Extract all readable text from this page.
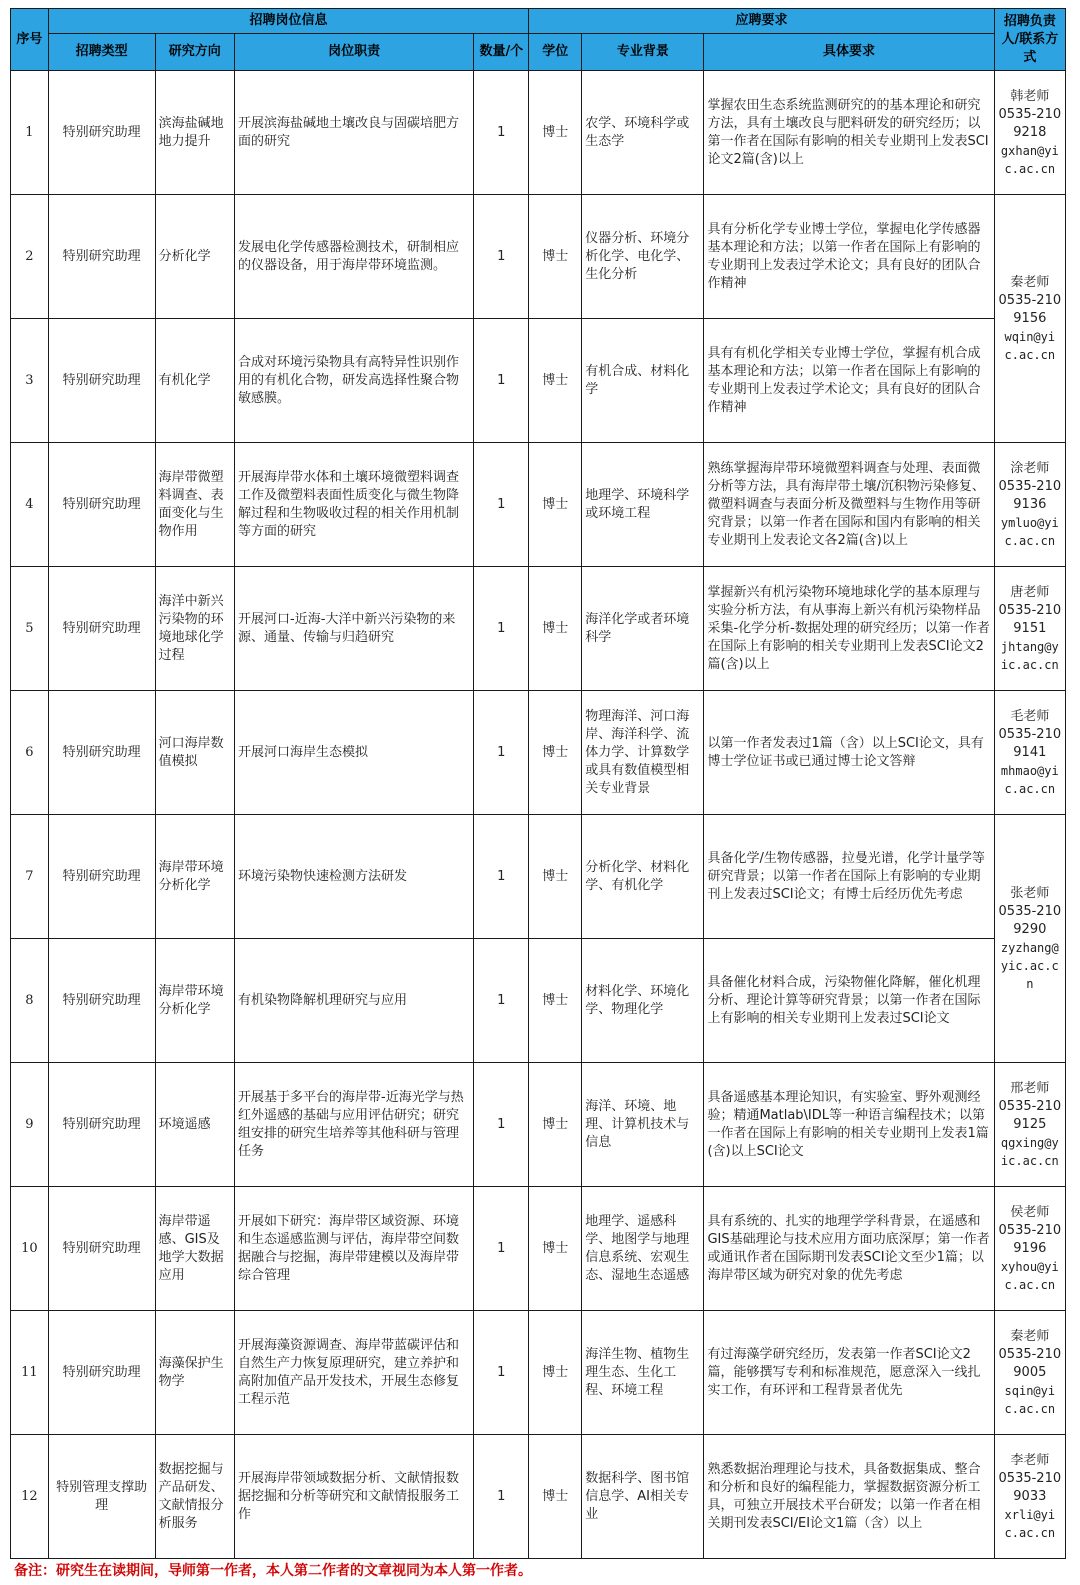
序号	招聘岗位信息				应聘要求			招聘负责人/联系方式
	招聘类型	研究方向	岗位职责	数量/个	学位	专业背景	具体要求	
1	特别研究助理	滨海盐碱地地力提升	开展滨海盐碱地土壤改良与固碳培肥方面的研究	1	博士	农学、环境科学或生态学	掌握农田生态系统监测研究的的基本理论和研究方法，具有土壤改良与肥料研发的研究经历；以第一作者在国际有影响的相关专业期刊上发表SCI论文2篇(含)以上	韩老师
0535-2109218
gxhan@yic.ac.cn

2	特别研究助理	分析化学	发展电化学传感器检测技术，研制相应的仪器设备，用于海岸带环境监测。	1	博士	仪器分析、环境分析化学、电化学、生化分析	具有分析化学专业博士学位，掌握电化学传感器基本理论和方法；以第一作者在国际上有影响的专业期刊上发表过学术论文；具有良好的团队合作精神	秦老师
0535-2109156
wqin@yic.ac.cn

3	特别研究助理	有机化学	合成对环境污染物具有高特异性识别作用的有机化合物，研发高选择性聚合物敏感膜。	1	博士	有机合成、材料化学	具有有机化学相关专业博士学位，掌握有机合成基本理论和方法；以第一作者在国际上有影响的专业期刊上发表过学术论文；具有良好的团队合作精神	
4	特别研究助理	海岸带微塑料调查、表面变化与生物作用	开展海岸带水体和土壤环境微塑料调查工作及微塑料表面性质变化与微生物降解过程和生物吸收过程的相关作用机制等方面的研究	1	博士	地理学、环境科学或环境工程	熟练掌握海岸带环境微塑料调查与处理、表面微分析等方法，具有海岸带土壤/沉积物污染修复、微塑料调查与表面分析及微塑料与生物作用等研究背景；以第一作者在国际和国内有影响的相关专业期刊上发表论文各2篇(含)以上	涂老师
0535-2109136
ymluo@yic.ac.cn

5	特别研究助理	海洋中新兴污染物的环境地球化学过程	开展河口-近海-大洋中新兴污染物的来源、通量、传输与归趋研究	1	博士	海洋化学或者环境科学	掌握新兴有机污染物环境地球化学的基本原理与实验分析方法，有从事海上新兴有机污染物样品采集-化学分析-数据处理的研究经历；以第一作者在国际上有影响的相关专业期刊上发表SCI论文2篇(含)以上	唐老师
0535-2109151
jhtang@yic.ac.cn

6	特别研究助理	河口海岸数值模拟	开展河口海岸生态模拟	1	博士	物理海洋、河口海岸、海洋科学、流体力学、计算数学或具有数值模型相关专业背景	以第一作者发表过1篇（含）以上SCI论文，具有博士学位证书或已通过博士论文答辩	毛老师
0535-2109141
mhmao@yic.ac.cn

7	特别研究助理	海岸带环境分析化学	环境污染物快速检测方法研发	1	博士	分析化学、材料化学、有机化学	具备化学/生物传感器，拉曼光谱，化学计量学等研究背景；以第一作者在国际上有影响的专业期刊上发表过SCI论文；有博士后经历优先考虑	张老师
0535-2109290
zyzhang@yic.ac.cn

8	特别研究助理	海岸带环境分析化学	有机染物降解机理研究与应用	1	博士	材料化学、环境化学、物理化学	具备催化材料合成，污染物催化降解，催化机理分析、理论计算等研究背景；以第一作者在国际上有影响的相关专业期刊上发表过SCI论文	
9	特别研究助理	环境遥感	开展基于多平台的海岸带-近海光学与热红外遥感的基础与应用评估研究；研究组安排的研究生培养等其他科研与管理任务	1	博士	海洋、环境、地理、计算机技术与信息	具备遥感基本理论知识，有实验室、野外观测经验；精通Matlab\IDL等一种语言编程技术；以第一作者在国际上有影响的相关专业期刊上发表1篇(含)以上SCI论文	邢老师
0535-2109125
qgxing@yic.ac.cn

10	特别研究助理	海岸带遥感、GIS及地学大数据应用	开展如下研究：海岸带区域资源、环境和生态遥感监测与评估，海岸带空间数据融合与挖掘，海岸带建模以及海岸带综合管理	1	博士	地理学、遥感科学、地图学与地理信息系统、宏观生态、湿地生态遥感	具有系统的、扎实的地理学学科背景，在遥感和GIS基础理论与技术应用方面功底深厚；第一作者或通讯作者在国际期刊发表SCI论文至少1篇；以海岸带区域为研究对象的优先考虑	侯老师
0535-2109196
xyhou@yic.ac.cn

11	特别研究助理	海藻保护生物学	开展海藻资源调查、海岸带蓝碳评估和自然生产力恢复原理研究，建立养护和高附加值产品开发技术，开展生态修复工程示范	1	博士	海洋生物、植物生理生态、生化工程、环境工程	有过海藻学研究经历，发表第一作者SCI论文2篇，能够撰写专利和标准规范，愿意深入一线扎实工作，有环评和工程背景者优先	秦老师
0535-2109005
sqin@yic.ac.cn

12	特别管理支撑助理	数据挖掘与产品研发、文献情报分析服务	开展海岸带领域数据分析、文献情报数据挖掘和分析等研究和文献情报服务工作	1	博士	数据科学、图书馆信息学、AI相关专业	熟悉数据治理理论与技术，具备数据集成、整合和分析和良好的编程能力，掌握数据资源分析工具，可独立开展技术平台研发；以第一作者在相关期刊发表SCI/EI论文1篇（含）以上	李老师
0535-2109033
xrli@yic.ac.cn
备注：研究生在读期间，导师第一作者，本人第二作者的文章视同为本人第一作者。
